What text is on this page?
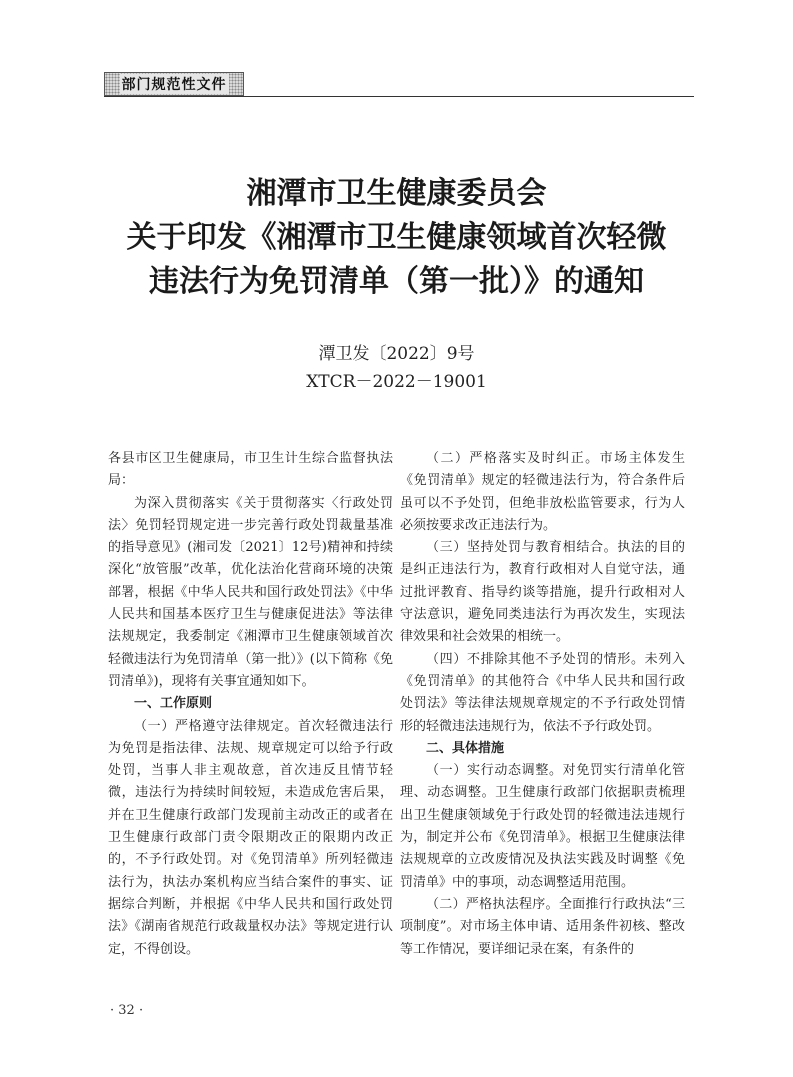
部门规范性文件
湘潭市卫生健康委员会
关于印发《湘潭市卫生健康领域首次轻微
违法行为免罚清单（第一批）》的通知
潭卫发〔2022〕9号
XTCR－2022－19001

各县市区卫生健康局，市卫生计生综合监督执法局：

为深入贯彻落实《关于贯彻落实〈行政处罚法〉免罚轻罚规定进一步完善行政处罚裁量基准的指导意见》(湘司发〔2021〕12号)精神和持续深化“放管服”改革，优化法治化营商环境的决策部署，根据《中华人民共和国行政处罚法》《中华人民共和国基本医疗卫生与健康促进法》等法律法规规定，我委制定《湘潭市卫生健康领域首次轻微违法行为免罚清单（第一批）》(以下简称《免罚清单》)，现将有关事宜通知如下。

一、工作原则

（一）严格遵守法律规定。首次轻微违法行为免罚是指法律、法规、规章规定可以给予行政处罚，当事人非主观故意，首次违反且情节轻微，违法行为持续时间较短，未造成危害后果，并在卫生健康行政部门发现前主动改正的或者在卫生健康行政部门责令限期改正的限期内改正的，不予行政处罚。对《免罚清单》所列轻微违法行为，执法办案机构应当结合案件的事实、证据综合判断，并根据《中华人民共和国行政处罚法》《湖南省规范行政裁量权办法》等规定进行认定，不得创设。

（二）严格落实及时纠正。市场主体发生《免罚清单》规定的轻微违法行为，符合条件后虽可以不予处罚，但绝非放松监管要求，行为人必须按要求改正违法行为。

（三）坚持处罚与教育相结合。执法的目的是纠正违法行为，教育行政相对人自觉守法，通过批评教育、指导约谈等措施，提升行政相对人守法意识，避免同类违法行为再次发生，实现法律效果和社会效果的相统一。

（四）不排除其他不予处罚的情形。未列入《免罚清单》的其他符合《中华人民共和国行政处罚法》等法律法规规章规定的不予行政处罚情形的轻微违法违规行为，依法不予行政处罚。

二、具体措施

（一）实行动态调整。对免罚实行清单化管理、动态调整。卫生健康行政部门依据职责梳理出卫生健康领域免于行政处罚的轻微违法违规行为，制定并公布《免罚清单》。根据卫生健康法律法规规章的立改废情况及执法实践及时调整《免罚清单》中的事项，动态调整适用范围。

（二）严格执法程序。全面推行行政执法“三项制度”。对市场主体申请、适用条件初核、整改等工作情况，要详细记录在案，有条件的

· 32 ·
